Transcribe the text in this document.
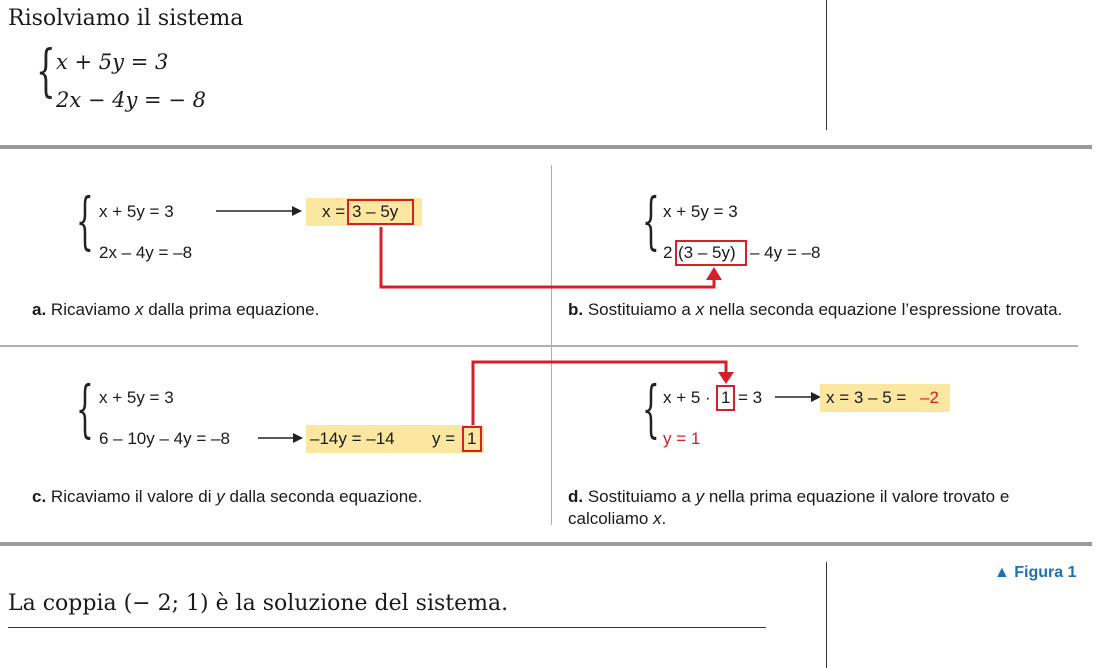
Risolviamo il sistema
{ x + 5y = 3
2x − 4y = − 8
{ x + 5y = 3
2x – 4y = –8
x = 3 – 5y
a. Ricaviamo x dalla prima equazione.
{ x + 5y = 3
2 (3 – 5y) – 4y = –8
b. Sostituiamo a x nella seconda equazione l’espressione trovata.
{ x + 5y = 3
6 – 10y – 4y = –8	–14y = –14 y = 1
c. Ricaviamo il valore di y dalla seconda equazione.
{ x + 5 · 1 = 3	x = 3 – 5 = –2
y = 1
d. Sostituiamo a y nella prima equazione il valore trovato e calcoliamo x.
▲ Figura 1
La coppia (− 2; 1) è la soluzione del sistema.
